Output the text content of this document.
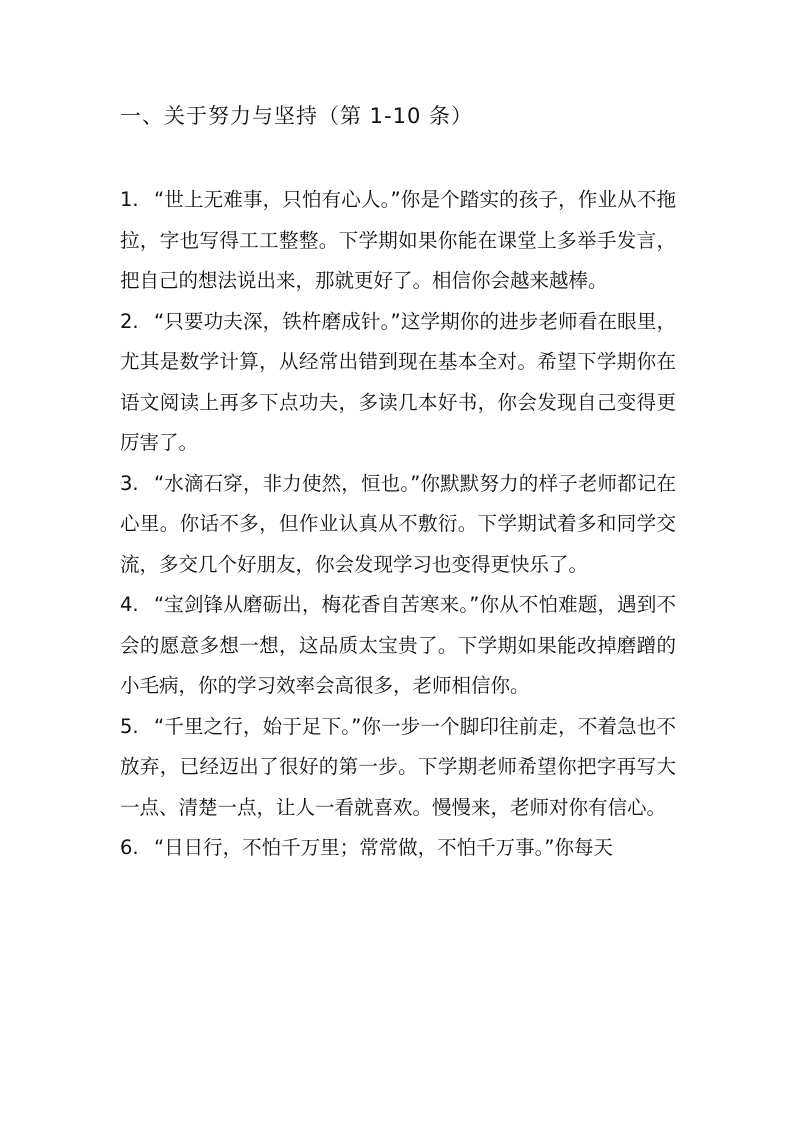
一、关于努力与坚持（第 1-10 条）

1. “世上无难事，只怕有心人。”你是个踏实的孩子，作业从不拖拉，字也写得工工整整。下学期如果你能在课堂上多举手发言，把自己的想法说出来，那就更好了。相信你会越来越棒。

2. “只要功夫深，铁杵磨成针。”这学期你的进步老师看在眼里，尤其是数学计算，从经常出错到现在基本全对。希望下学期你在语文阅读上再多下点功夫，多读几本好书，你会发现自己变得更厉害了。

3. “水滴石穿，非力使然，恒也。”你默默努力的样子老师都记在心里。你话不多，但作业认真从不敷衍。下学期试着多和同学交流，多交几个好朋友，你会发现学习也变得更快乐了。

4. “宝剑锋从磨砺出，梅花香自苦寒来。”你从不怕难题，遇到不会的愿意多想一想，这品质太宝贵了。下学期如果能改掉磨蹭的小毛病，你的学习效率会高很多，老师相信你。

5. “千里之行，始于足下。”你一步一个脚印往前走，不着急也不放弃，已经迈出了很好的第一步。下学期老师希望你把字再写大一点、清楚一点，让人一看就喜欢。慢慢来，老师对你有信心。

6. “日日行，不怕千万里；常常做，不怕千万事。”你每天
